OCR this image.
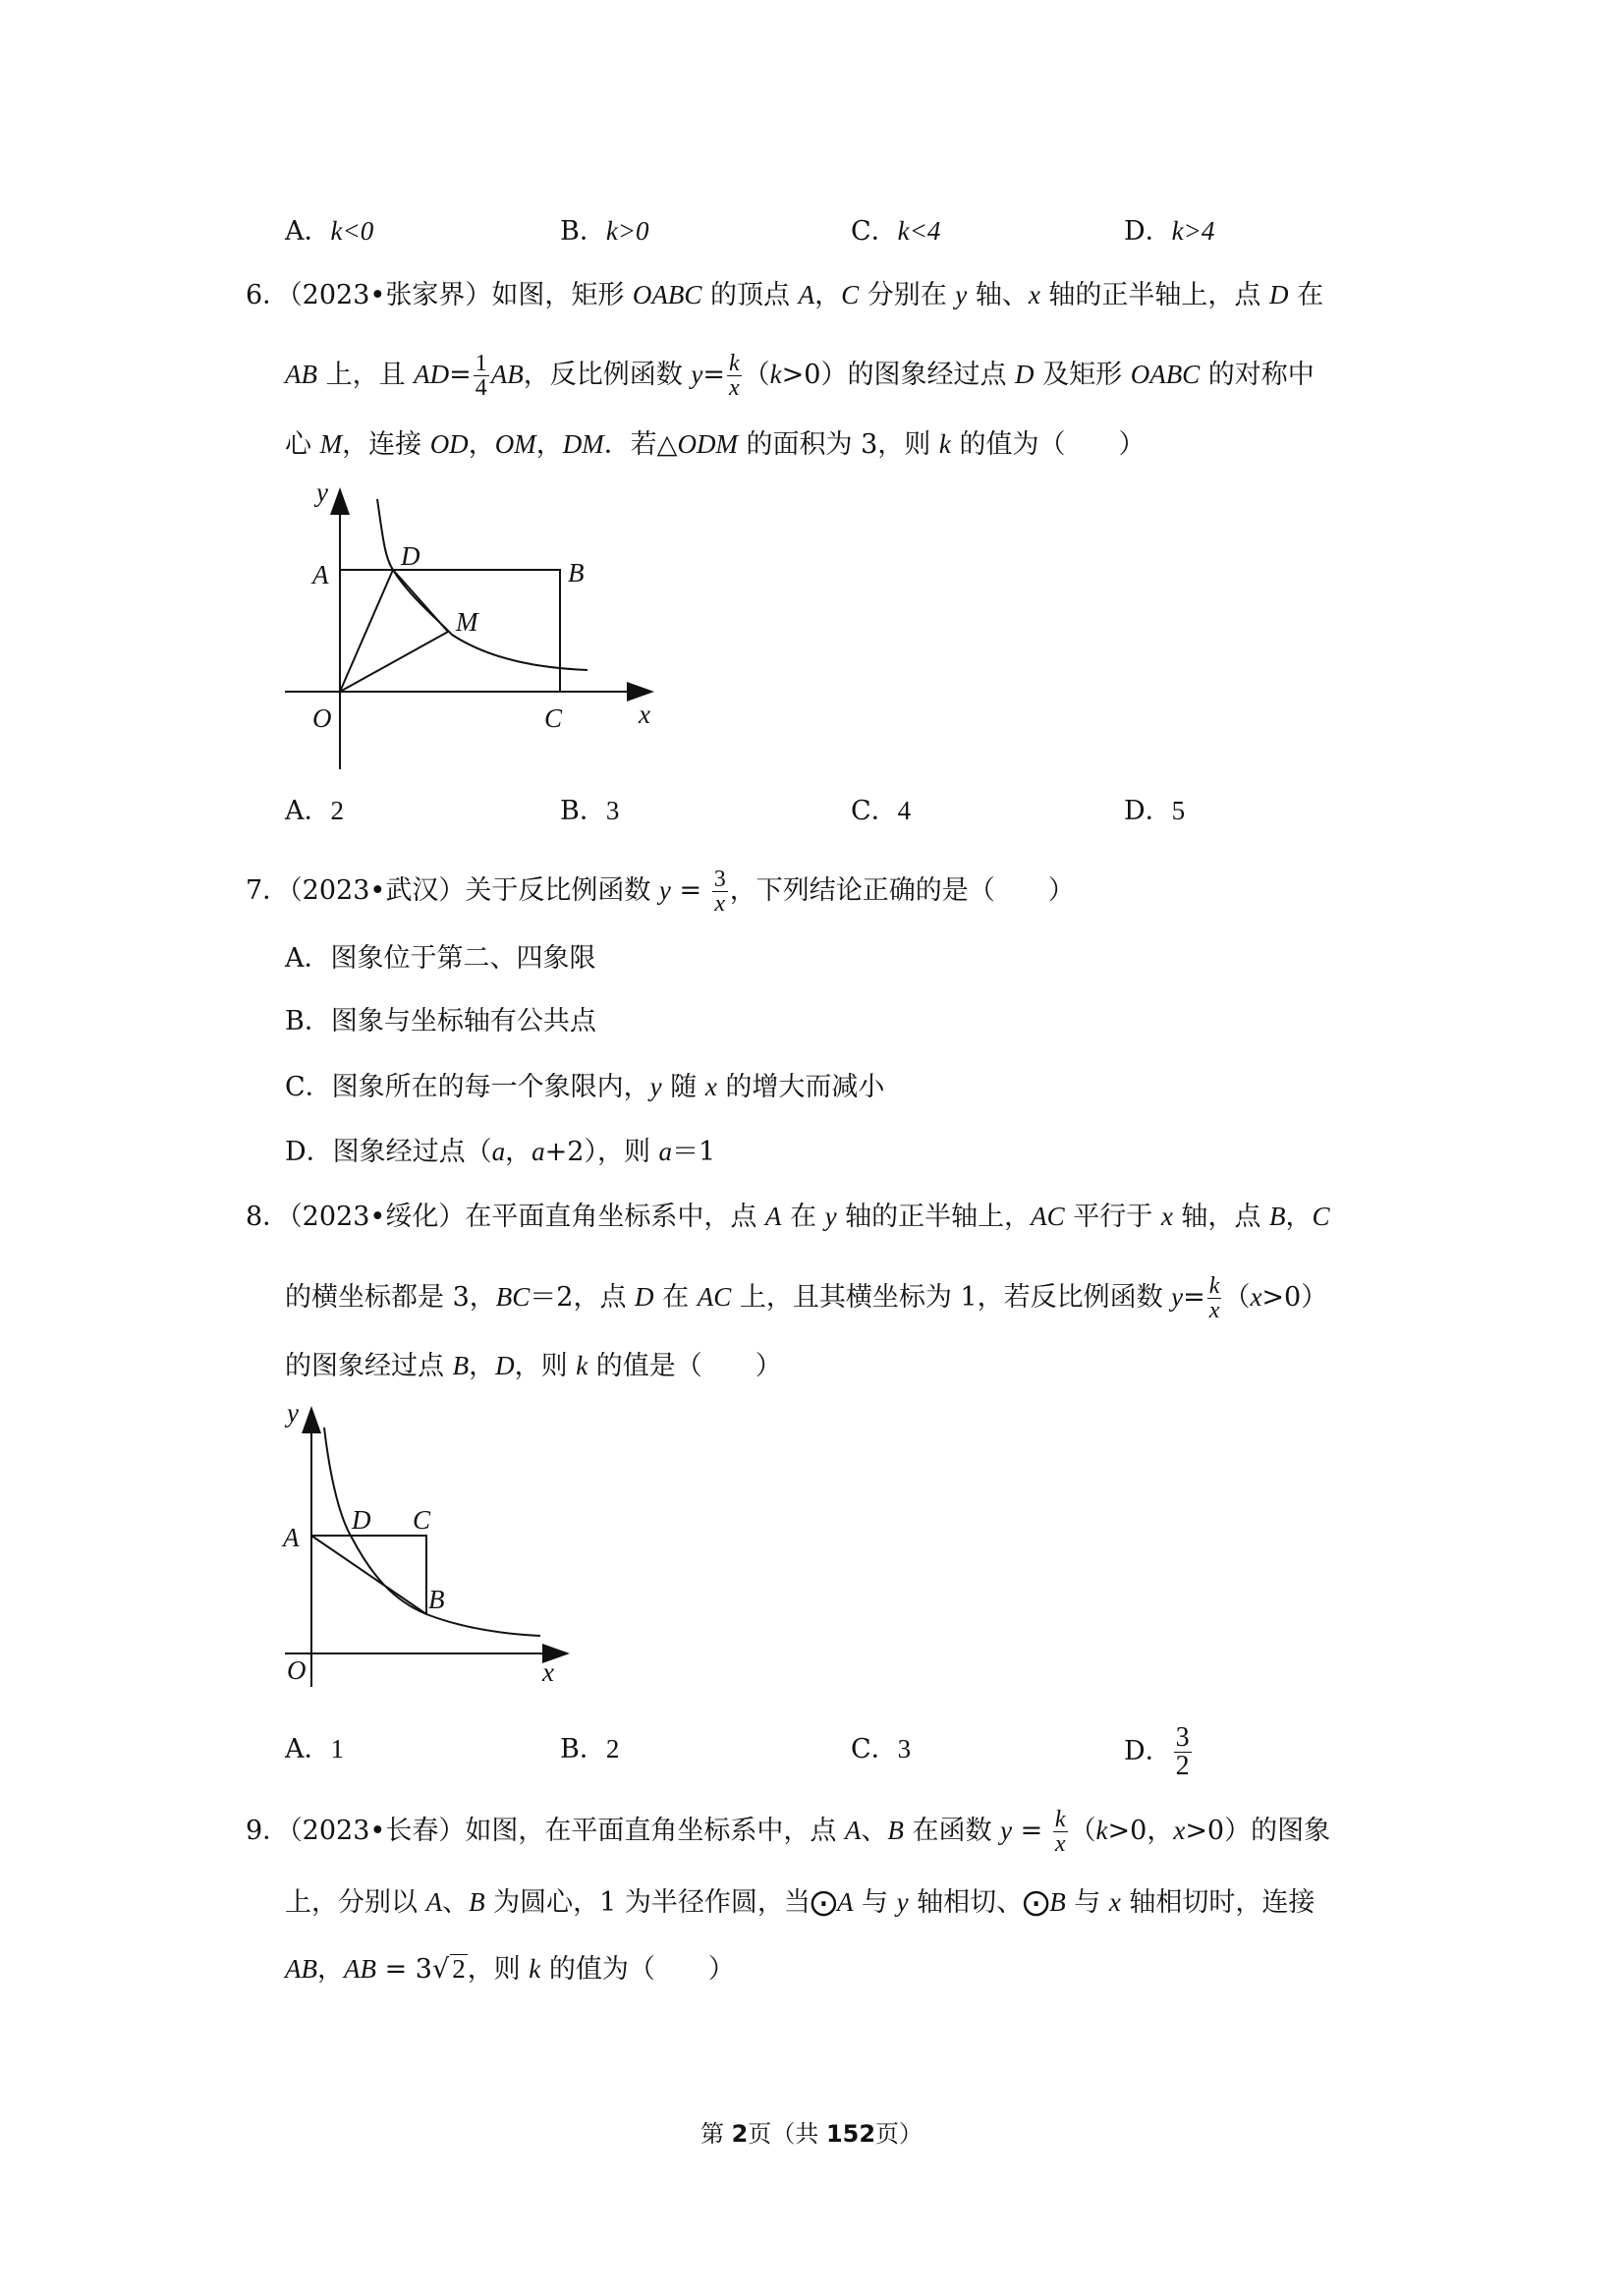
A．k<0	B．k>0	C．k<4	D．k>4
6．（2023•张家界）如图，矩形 OABC 的顶点 A，C 分别在 y 轴、x 轴的正半轴上，点 D 在
AB 上，且 $AD= \frac{1}{4}$ AB，反比例函数 $y= \frac{k}{x} (k>0)$的图象经过点 D 及矩形 OABC 的对称中
心 M，连接 OD，OM，DM．若△ODM 的面积为 3，则 k 的值为（　　）
y
A
D
B
M
O	C	x
A．2	B．3	C．4	D．5
7．（2023•武汉）关于反比例函数 $y = \frac{3}{x}$ ，下列结论正确的是（　　）
A．图象位于第二、四象限
B．图象与坐标轴有公共点
C．图象所在的每一个象限内，y 随 x 的增大而减小
D．图象经过点（a，a+2），则 a＝1
8．（2023•绥化）在平面直角坐标系中，点 A 在 y 轴的正半轴上，AC 平行于 x 轴，点 B，C
的横坐标都是 3，BC＝2，点 D 在 AC 上，且其横坐标为 1，若反比例函数 $y= \frac{k}{x} (x>0)$
的图象经过点 B，D，则 k 的值是（　　）
y
A
D C
B
O	x
A．1	B．2	C．3	D． $\frac{3}{2}$
9．（2023•长春）如图，在平面直角坐标系中，点 A、B 在函数 $y = \frac{k}{x} (k>0$，x>0）的图象
上，分别以 A、B 为圆心，1 为半径作圆，当⨀A 与 y 轴相切、⨀B 与 x 轴相切时，连接
AB，AB = 3√ 2，则 k 的值为（　　）
第 2页（共 152页）
